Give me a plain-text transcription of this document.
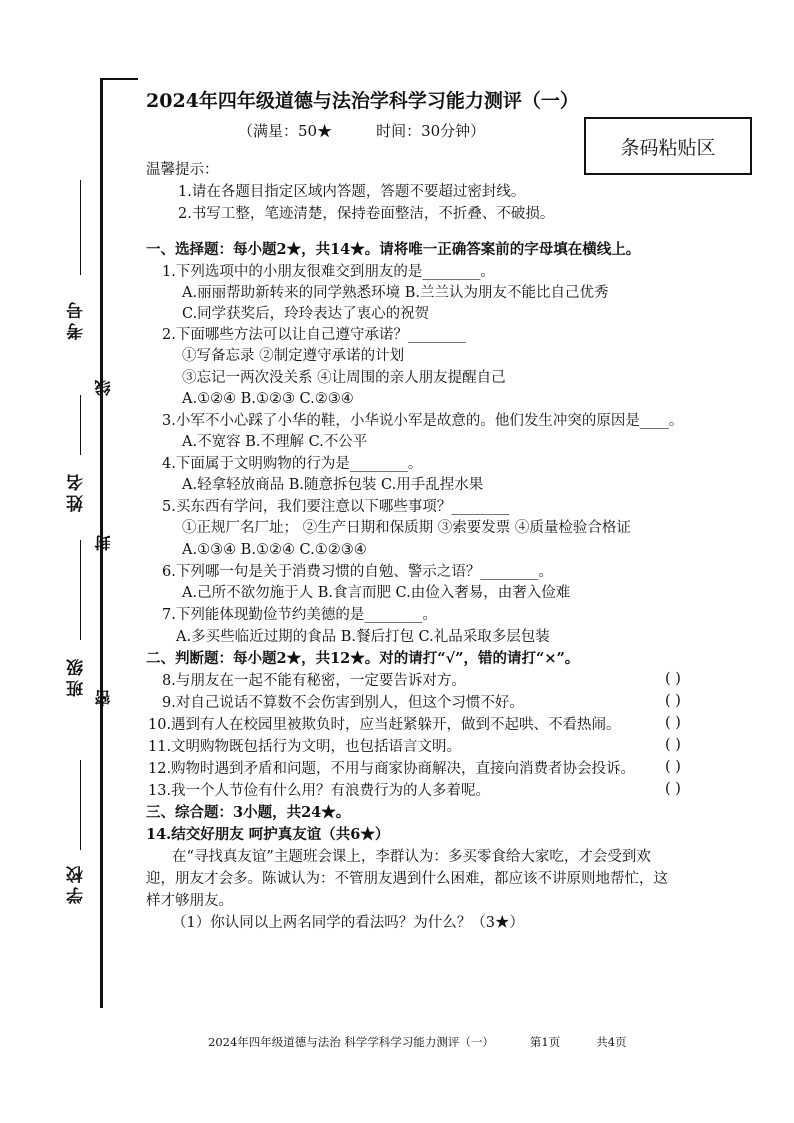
考号
线
姓名
封
班级
密
学校
2024年四年级道德与法治学科学习能力测评（一）
（满星：50★	时间：30分钟）
条码粘贴区
温馨提示：
1.请在各题目指定区域内答题，答题不要超过密封线。
2.书写工整，笔迹清楚，保持卷面整洁，不折叠、不破损。
一、选择题：每小题2★，共14★。请将唯一正确答案前的字母填在横线上。
1.下列选项中的小朋友很难交到朋友的是________。
A.丽丽帮助新转来的同学熟悉环境 B.兰兰认为朋友不能比自己优秀
C.同学获奖后，玲玲表达了衷心的祝贺
2.下面哪些方法可以让自己遵守承诺？________
①写备忘录 ②制定遵守承诺的计划
③忘记一两次没关系 ④让周围的亲人朋友提醒自己
A.①②④ B.①②③ C.②③④
3.小军不小心踩了小华的鞋，小华说小军是故意的。他们发生冲突的原因是____。
A.不宽容 B.不理解 C.不公平
4.下面属于文明购物的行为是________。
A.轻拿轻放商品 B.随意拆包装 C.用手乱捏水果
5.买东西有学问，我们要注意以下哪些事项？________
①正规厂名厂址； ②生产日期和保质期 ③索要发票 ④质量检验合格证
A.①③④ B.①②④ C.①②③④
6.下列哪一句是关于消费习惯的自勉、警示之语？________。
A.己所不欲勿施于人 B.食言而肥 C.由俭入奢易，由奢入俭难
7.下列能体现勤俭节约美德的是________。
A.多买些临近过期的食品 B.餐后打包 C.礼品采取多层包装
二、判断题：每小题2★，共12★。对的请打“√”，错的请打“×”。
8.与朋友在一起不能有秘密，一定要告诉对方。	( )
9.对自己说话不算数不会伤害到别人，但这个习惯不好。	( )
10.遇到有人在校园里被欺负时，应当赶紧躲开，做到不起哄、不看热闹。	( )
11.文明购物既包括行为文明，也包括语言文明。	( )
12.购物时遇到矛盾和问题，不用与商家协商解决，直接向消费者协会投诉。 ( )
13.我一个人节俭有什么用？有浪费行为的人多着呢。	( )
三、综合题：3小题，共24★。
14.结交好朋友 呵护真友谊（共6★）
在“寻找真友谊”主题班会课上，李群认为：多买零食给大家吃，才会受到欢
迎，朋友才会多。陈诚认为：不管朋友遇到什么困难，都应该不讲原则地帮忙，这
样才够朋友。
（1）你认同以上两名同学的看法吗？为什么？（3★）
2024年四年级道德与法治 科学学科学习能力测评（一）	第1页	共4页
